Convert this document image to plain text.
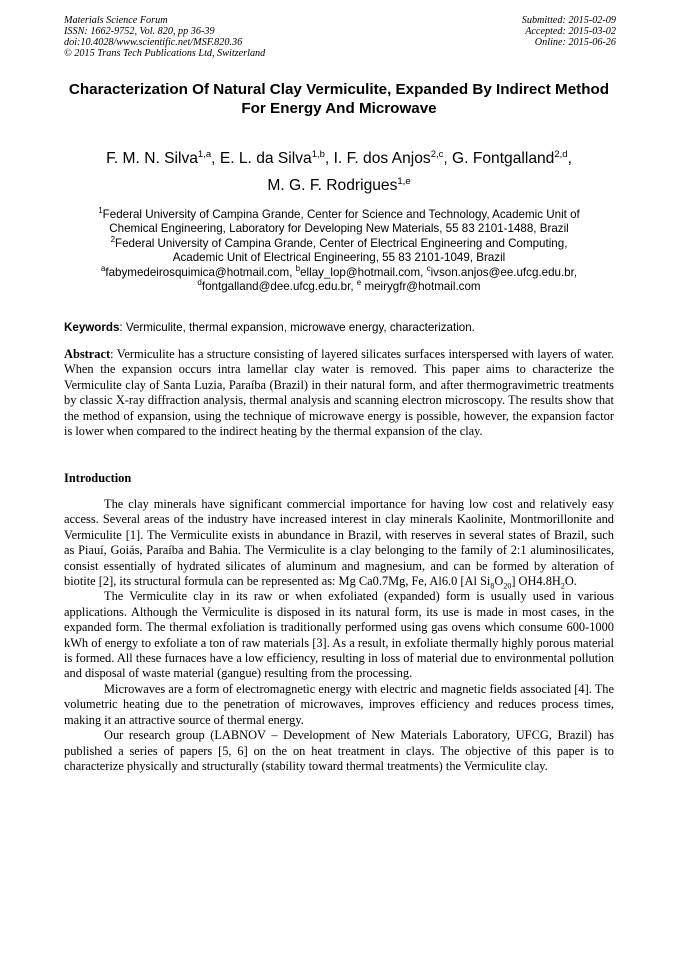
Materials Science Forum
ISSN: 1662-9752, Vol. 820, pp 36-39
doi:10.4028/www.scientific.net/MSF.820.36
© 2015 Trans Tech Publications Ltd, Switzerland
Submitted: 2015-02-09
Accepted: 2015-03-02
Online: 2015-06-26
Characterization Of Natural Clay Vermiculite, Expanded By Indirect Method For Energy And Microwave
F. M. N. Silva$^{1,a}$, E. L. da Silva$^{1,b}$, I. F. dos Anjos$^{2,c}$, G. Fontgalland$^{2,d}$,
M. G. F. Rodrigues$^{1,e}$
$^1$Federal University of Campina Grande, Center for Science and Technology, Academic Unit of
Chemical Engineering, Laboratory for Developing New Materials, 55 83 2101-1488, Brazil
$^2$Federal University of Campina Grande, Center of Electrical Engineering and Computing,
Academic Unit of Electrical Engineering, 55 83 2101-1049, Brazil
$^a$fabymedeirosquimica@hotmail.com, $^b$ellay_lop@hotmail.com, $^c$ivson.anjos@ee.ufcg.edu.br,
$^d$fontgalland@dee.ufcg.edu.br, $^e$ meirygfr@hotmail.com
Keywords: Vermiculite, thermal expansion, microwave energy, characterization.
Abstract: Vermiculite has a structure consisting of layered silicates surfaces interspersed with layers of water. When the expansion occurs intra lamellar clay water is removed. This paper aims to characterize the Vermiculite clay of Santa Luzia, Paraíba (Brazil) in their natural form, and after thermogravimetric treatments by classic X-ray diffraction analysis, thermal analysis and scanning electron microscopy. The results show that the method of expansion, using the technique of microwave energy is possible, however, the expansion factor is lower when compared to the indirect heating by the thermal expansion of the clay.
Introduction

The clay minerals have significant commercial importance for having low cost and relatively easy access. Several areas of the industry have increased interest in clay minerals Kaolinite, Montmorillonite and Vermiculite [1]. The Vermiculite exists in abundance in Brazil, with reserves in several states of Brazil, such as Piauí, Goiás, Paraíba and Bahia. The Vermiculite is a clay belonging to the family of 2:1 aluminosilicates, consist essentially of hydrated silicates of aluminum and magnesium, and can be formed by alteration of biotite [2], its structural formula can be represented as: Mg Ca0.7Mg, Fe, Al6.0 [Al $Si_8O_{20}$] $OH4.8H_2O$.

The Vermiculite clay in its raw or when exfoliated (expanded) form is usually used in various applications. Although the Vermiculite is disposed in its natural form, its use is made in most cases, in the expanded form. The thermal exfoliation is traditionally performed using gas ovens which consume 600-1000 kWh of energy to exfoliate a ton of raw materials [3]. As a result, in exfoliate thermally highly porous material is formed. All these furnaces have a low efficiency, resulting in loss of material due to environmental pollution and disposal of waste material (gangue) resulting from the processing.

Microwaves are a form of electromagnetic energy with electric and magnetic fields associated [4]. The volumetric heating due to the penetration of microwaves, improves efficiency and reduces process times, making it an attractive source of thermal energy.

Our research group (LABNOV – Development of New Materials Laboratory, UFCG, Brazil) has published a series of papers [5, 6] on the on heat treatment in clays. The objective of this paper is to characterize physically and structurally (stability toward thermal treatments) the Vermiculite clay.
